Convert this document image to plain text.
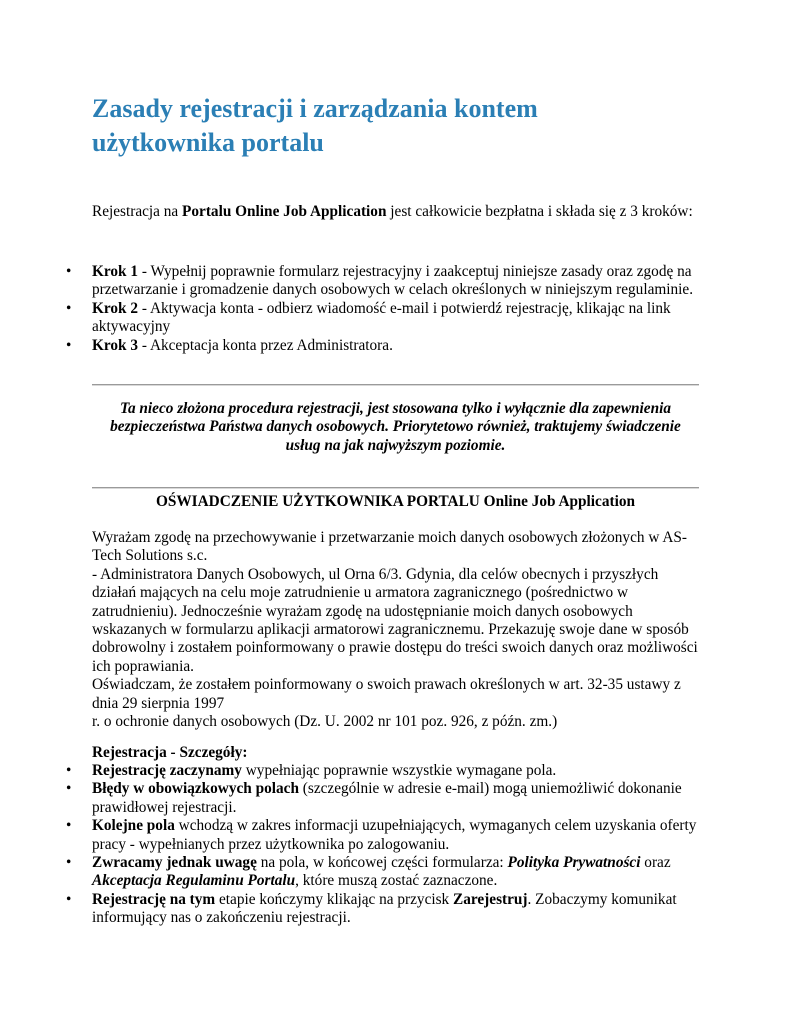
Zasady rejestracji i zarządzania kontem
użytkownika portalu

Rejestracja na Portalu Online Job Application jest całkowicie bezpłatna i składa się z 3 kroków:

• Krok 1 - Wypełnij poprawnie formularz rejestracyjny i zaakceptuj niniejsze zasady oraz zgodę na przetwarzanie i gromadzenie danych osobowych w celach określonych w niniejszym regulaminie.
• Krok 2 - Aktywacja konta - odbierz wiadomość e-mail i potwierdź rejestrację, klikając na link aktywacyjny
• Krok 3 - Akceptacja konta przez Administratora.

Ta nieco złożona procedura rejestracji, jest stosowana tylko i wyłącznie dla zapewnienia
bezpieczeństwa Państwa danych osobowych. Priorytetowo również, traktujemy świadczenie
usług na jak najwyższym poziomie.

OŚWIADCZENIE UŻYTKOWNIKA PORTALU Online Job Application

Wyrażam zgodę na przechowywanie i przetwarzanie moich danych osobowych złożonych w AS-Tech Solutions s.c.

- Administratora Danych Osobowych, ul Orna 6/3. Gdynia, dla celów obecnych i przyszłych działań mających na celu moje zatrudnienie u armatora zagranicznego (pośrednictwo w zatrudnieniu). Jednocześnie wyrażam zgodę na udostępnianie moich danych osobowych wskazanych w formularzu aplikacji armatorowi zagranicznemu. Przekazuję swoje dane w sposób dobrowolny i zostałem poinformowany o prawie dostępu do treści swoich danych oraz możliwości ich poprawiania.

Oświadczam, że zostałem poinformowany o swoich prawach określonych w art. 32-35 ustawy z dnia 29 sierpnia 1997

r. o ochronie danych osobowych (Dz. U. 2002 nr 101 poz. 926, z późn. zm.)

Rejestracja - Szczegóły:

• Rejestrację zaczynamy wypełniając poprawnie wszystkie wymagane pola.
• Błędy w obowiązkowych polach (szczególnie w adresie e-mail) mogą uniemożliwić dokonanie prawidłowej rejestracji.
• Kolejne pola wchodzą w zakres informacji uzupełniających, wymaganych celem uzyskania oferty pracy - wypełnianych przez użytkownika po zalogowaniu.
• Zwracamy jednak uwagę na pola, w końcowej części formularza: Polityka Prywatności oraz Akceptacja Regulaminu Portalu, które muszą zostać zaznaczone.
• Rejestrację na tym etapie kończymy klikając na przycisk Zarejestruj. Zobaczymy komunikat informujący nas o zakończeniu rejestracji.
